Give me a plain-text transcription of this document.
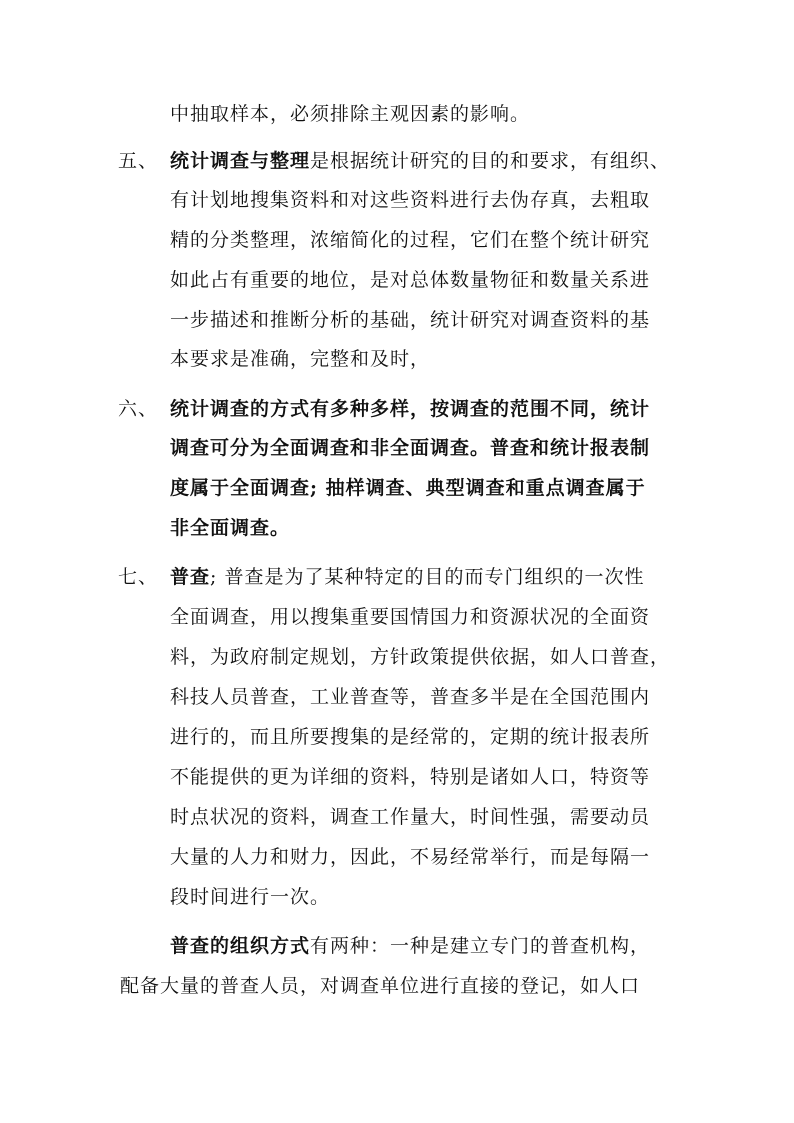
中抽取样本，必须排除主观因素的影响。
五、 统计调查与整理是根据统计研究的目的和要求，有组织、
有计划地搜集资料和对这些资料进行去伪存真，去粗取
精的分类整理，浓缩简化的过程，它们在整个统计研究
如此占有重要的地位，是对总体数量物征和数量关系进
一步描述和推断分析的基础，统计研究对调查资料的基
本要求是准确，完整和及时，
六、 统计调查的方式有多种多样，按调查的范围不同，统计
调查可分为全面调查和非全面调查。普查和统计报表制
度属于全面调查; 抽样调查、典型调查和重点调查属于
非全面调查。
七、 普查; 普查是为了某种特定的目的而专门组织的一次性
全面调查，用以搜集重要国情国力和资源状况的全面资
料，为政府制定规划，方针政策提供依据，如人口普查，
科技人员普查，工业普查等，普查多半是在全国范围内
进行的，而且所要搜集的是经常的，定期的统计报表所
不能提供的更为详细的资料，特别是诸如人口，特资等
时点状况的资料，调查工作量大，时间性强，需要动员
大量的人力和财力，因此，不易经常举行，而是每隔一
段时间进行一次。
普查的组织方式有两种：一种是建立专门的普查机构，
配备大量的普查人员，对调查单位进行直接的登记，如人口
